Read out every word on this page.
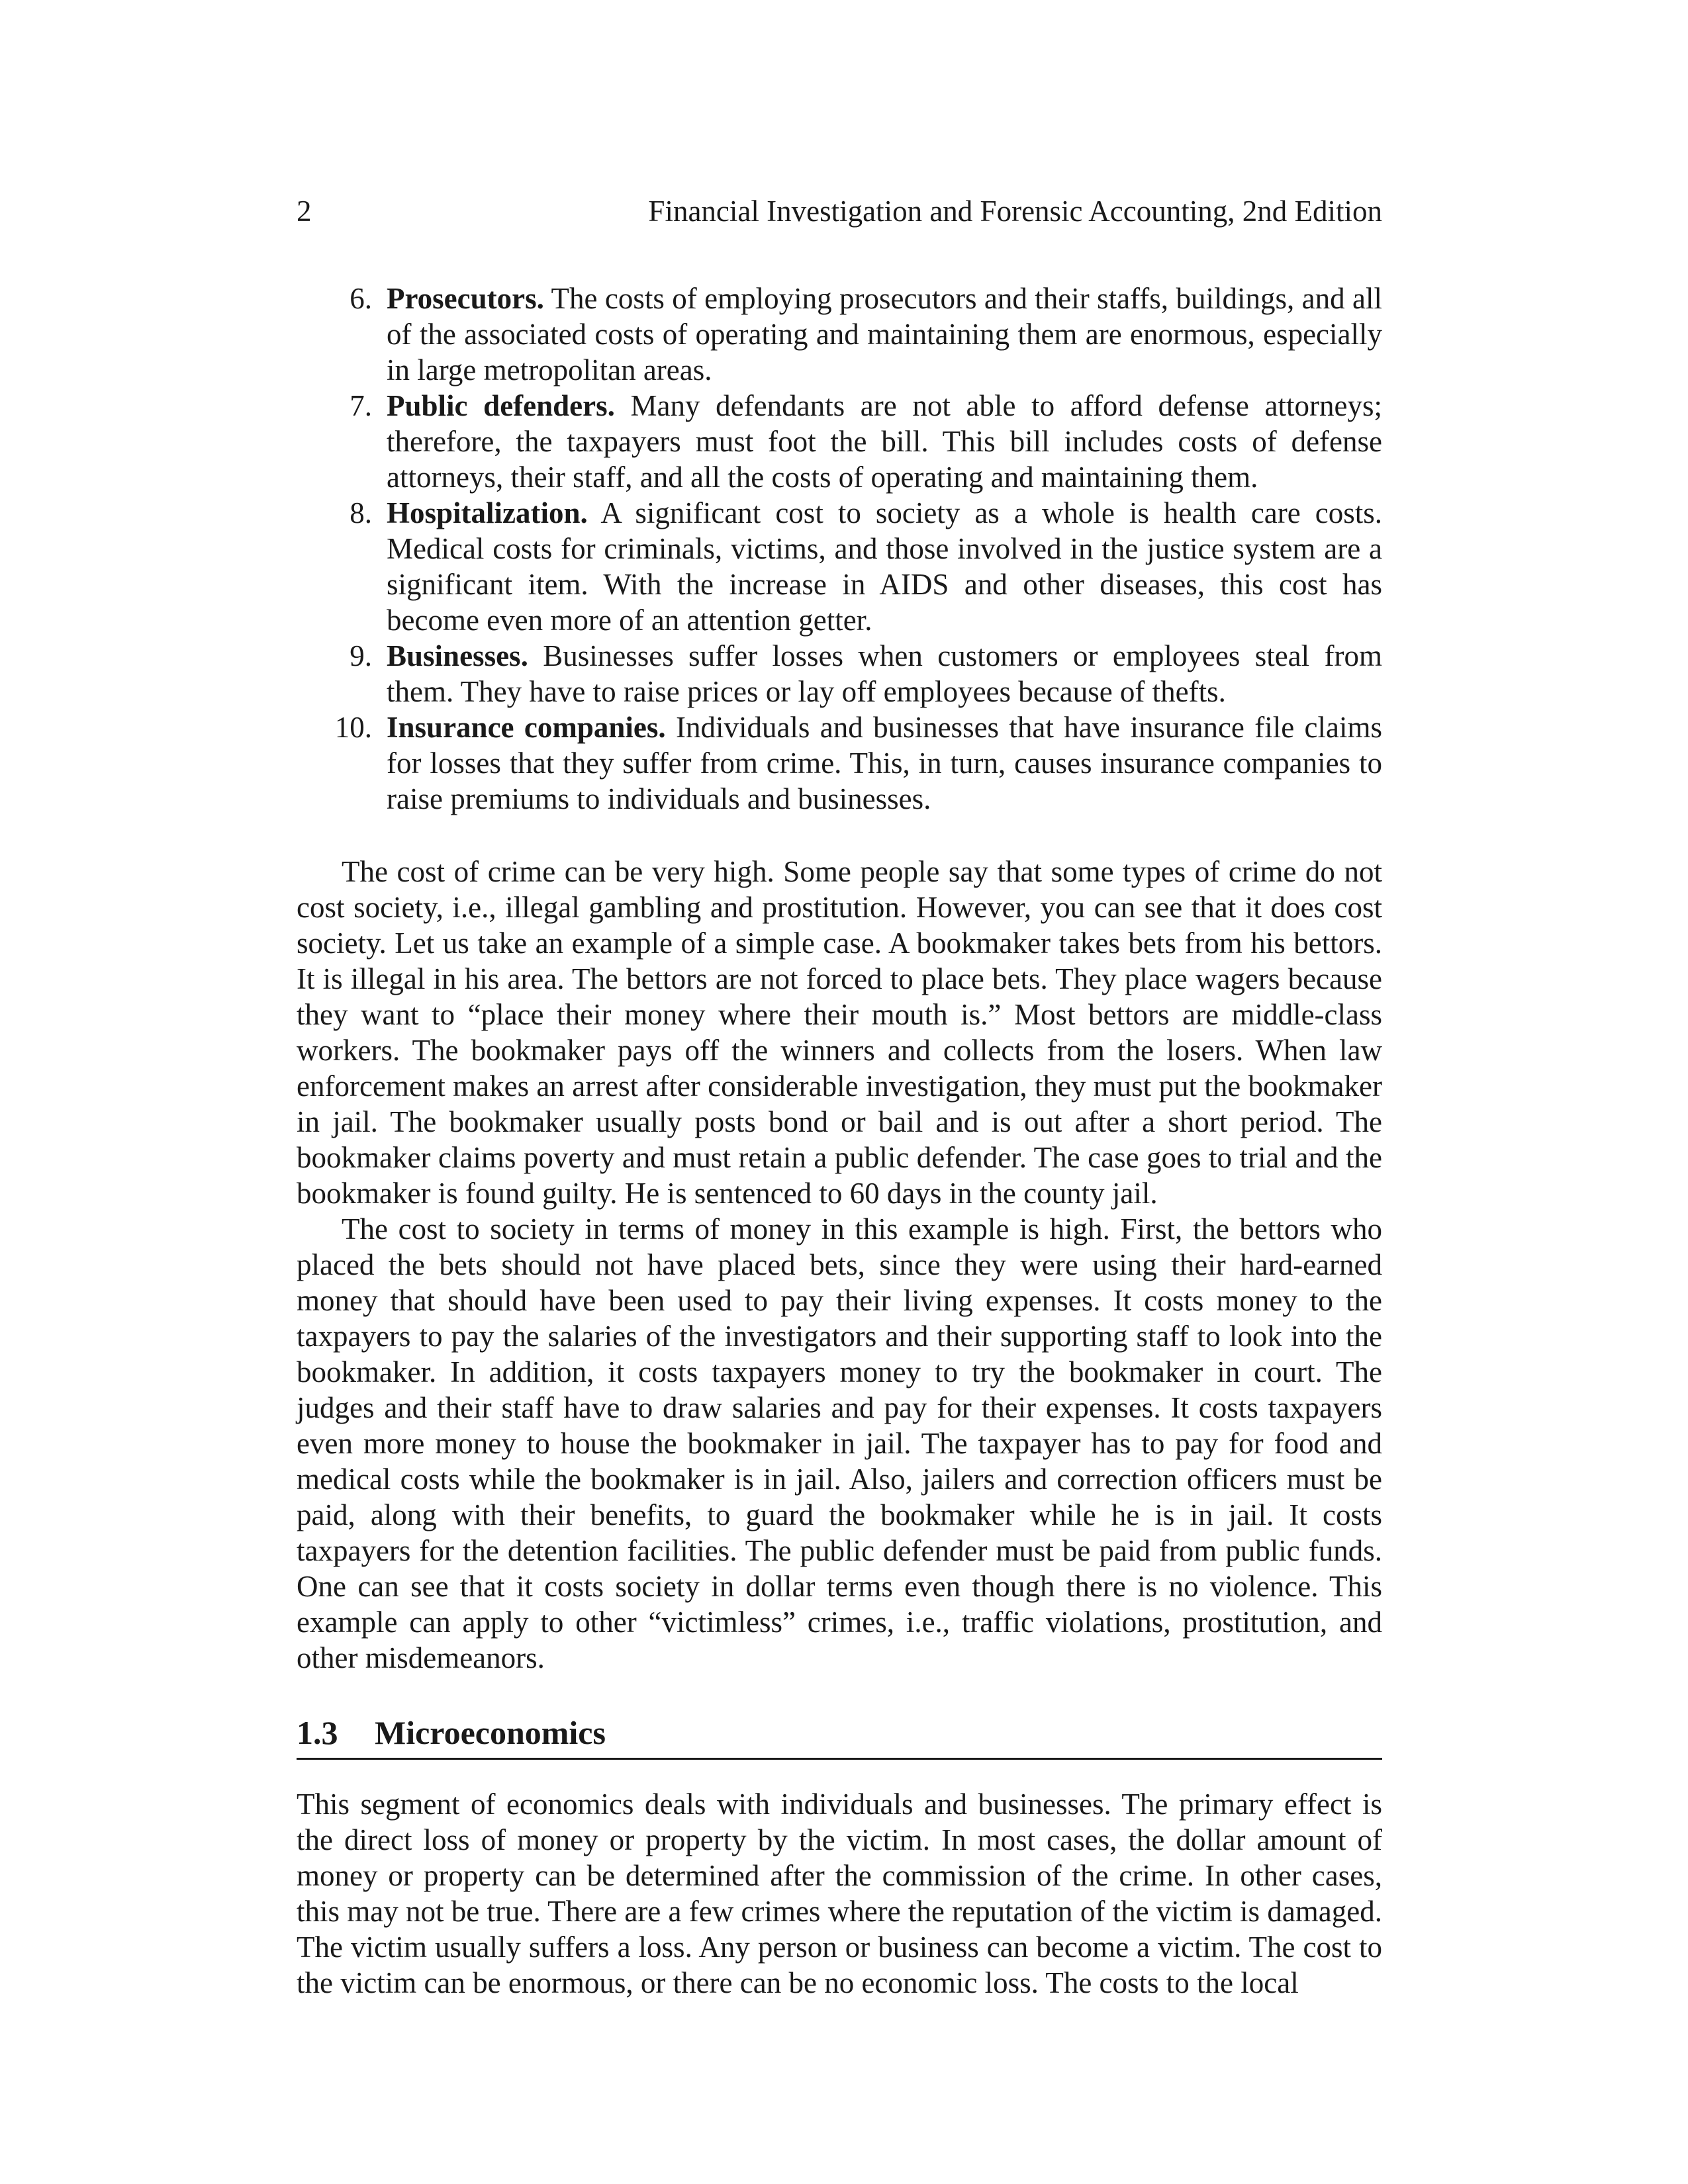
2	Financial Investigation and Forensic Accounting, 2nd Edition
6. Prosecutors. The costs of employing prosecutors and their staffs, buildings, and all of the associated costs of operating and maintaining them are enormous, especially in large metropolitan areas.
7. Public defenders. Many defendants are not able to afford defense attorneys; therefore, the taxpayers must foot the bill. This bill includes costs of defense attorneys, their staff, and all the costs of operating and maintaining them.
8. Hospitalization. A significant cost to society as a whole is health care costs. Medical costs for criminals, victims, and those involved in the justice system are a significant item. With the increase in AIDS and other diseases, this cost has become even more of an attention getter.
9. Businesses. Businesses suffer losses when customers or employees steal from them. They have to raise prices or lay off employees because of thefts.
10. Insurance companies. Individuals and businesses that have insurance file claims for losses that they suffer from crime. This, in turn, causes insurance companies to raise premiums to individuals and businesses.

The cost of crime can be very high. Some people say that some types of crime do not cost society, i.e., illegal gambling and prostitution. However, you can see that it does cost society. Let us take an example of a simple case. A bookmaker takes bets from his bettors. It is illegal in his area. The bettors are not forced to place bets. They place wagers because they want to “place their money where their mouth is.” Most bettors are middle-class workers. The bookmaker pays off the winners and collects from the losers. When law enforcement makes an arrest after considerable investigation, they must put the bookmaker in jail. The bookmaker usually posts bond or bail and is out after a short period. The bookmaker claims poverty and must retain a public defender. The case goes to trial and the bookmaker is found guilty. He is sentenced to 60 days in the county jail.

The cost to society in terms of money in this example is high. First, the bettors who placed the bets should not have placed bets, since they were using their hard-earned money that should have been used to pay their living expenses. It costs money to the taxpayers to pay the salaries of the investigators and their supporting staff to look into the bookmaker. In addition, it costs taxpayers money to try the bookmaker in court. The judges and their staff have to draw salaries and pay for their expenses. It costs taxpayers even more money to house the bookmaker in jail. The taxpayer has to pay for food and medical costs while the bookmaker is in jail. Also, jailers and correction officers must be paid, along with their benefits, to guard the bookmaker while he is in jail. It costs taxpayers for the detention facilities. The public defender must be paid from public funds. One can see that it costs society in dollar terms even though there is no violence. This example can apply to other “victimless” crimes, i.e., traffic violations, prostitution, and other misdemeanors.

1.3	Microeconomics

This segment of economics deals with individuals and businesses. The primary effect is the direct loss of money or property by the victim. In most cases, the dollar amount of money or property can be determined after the commission of the crime. In other cases, this may not be true. There are a few crimes where the reputation of the victim is damaged. The victim usually suffers a loss. Any person or business can become a victim. The cost to the victim can be enormous, or there can be no economic loss. The costs to the local
